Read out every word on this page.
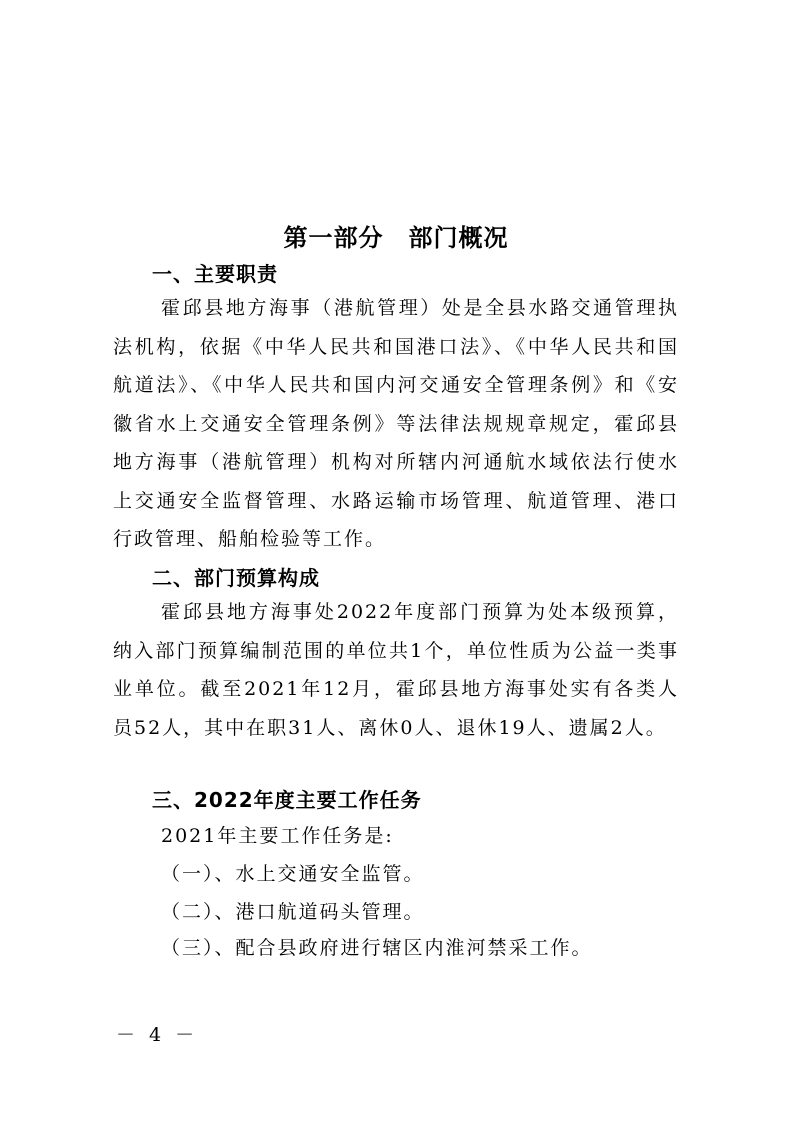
第一部分　部门概况
一、主要职责

霍邱县地方海事（港航管理）处是全县水路交通管理执法机构，依据《中华人民共和国港口法》、《中华人民共和国航道法》、《中华人民共和国内河交通安全管理条例》和《安徽省水上交通安全管理条例》等法律法规规章规定，霍邱县地方海事（港航管理）机构对所辖内河通航水域依法行使水上交通安全监督管理、水路运输市场管理、航道管理、港口行政管理、船舶检验等工作。

二、部门预算构成

霍邱县地方海事处2022年度部门预算为处本级预算，纳入部门预算编制范围的单位共1个，单位性质为公益一类事业单位。截至2021年12月，霍邱县地方海事处实有各类人员52人，其中在职31人、离休0人、退休19人、遗属2人。

三、2022年度主要工作任务
2021年主要工作任务是:
（一）、水上交通安全监管。
（二）、港口航道码头管理。
（三）、配合县政府进行辖区内淮河禁采工作。
－ 4 －
